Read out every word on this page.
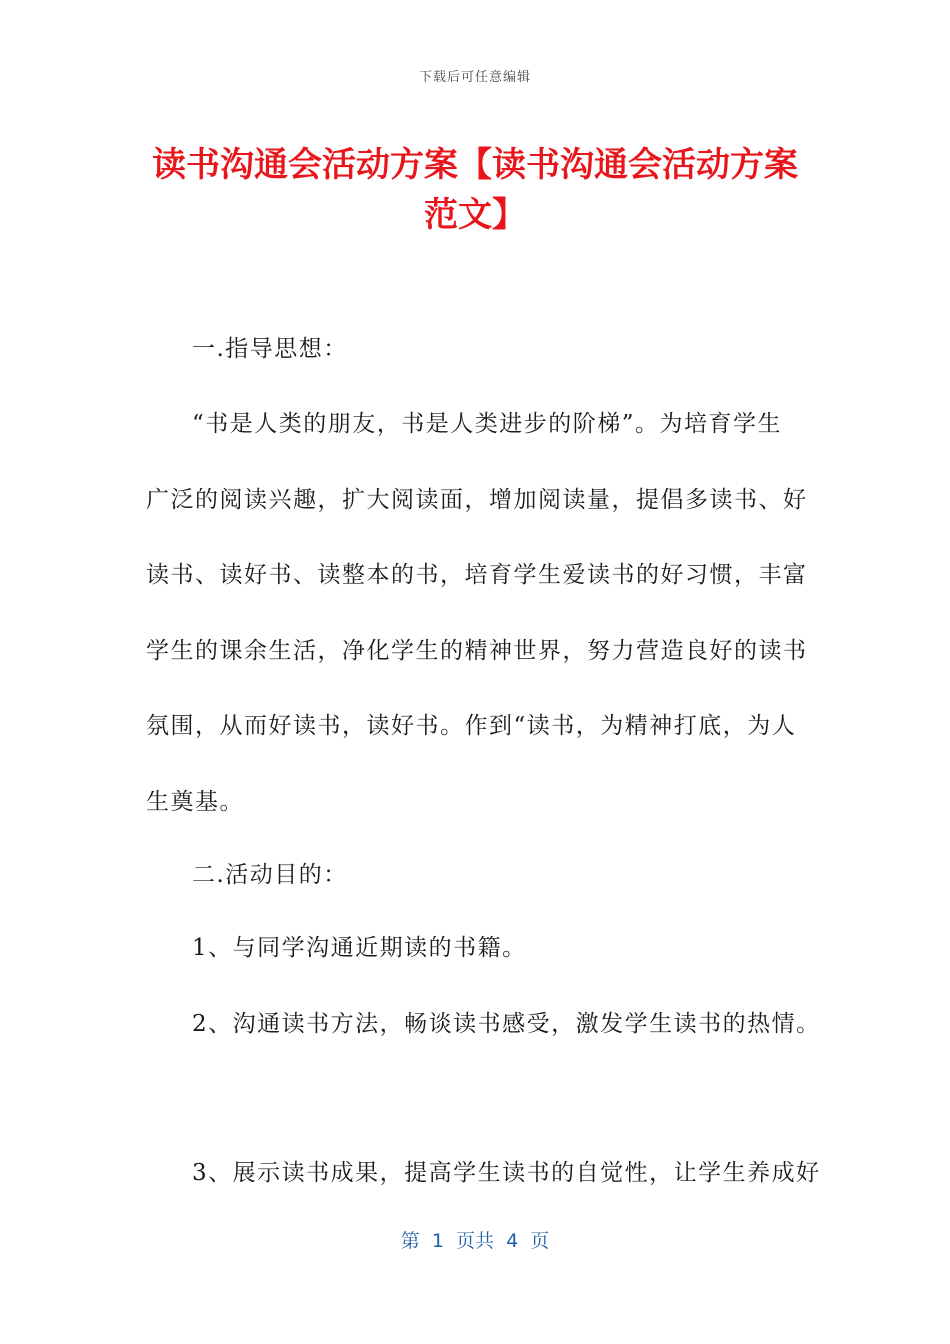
下载后可任意编辑
读书沟通会活动方案【读书沟通会活动方案
范文】
一.指导思想：
“书是人类的朋友，书是人类进步的阶梯”。为培育学生
广泛的阅读兴趣，扩大阅读面，增加阅读量，提倡多读书、好
读书、读好书、读整本的书，培育学生爱读书的好习惯，丰富
学生的课余生活，净化学生的精神世界，努力营造良好的读书
氛围，从而好读书，读好书。作到“读书，为精神打底，为人
生奠基。
二.活动目的：
1、与同学沟通近期读的书籍。
2、沟通读书方法，畅谈读书感受，激发学生读书的热情。
3、展示读书成果，提高学生读书的自觉性，让学生养成好
第  1  页共  4  页
